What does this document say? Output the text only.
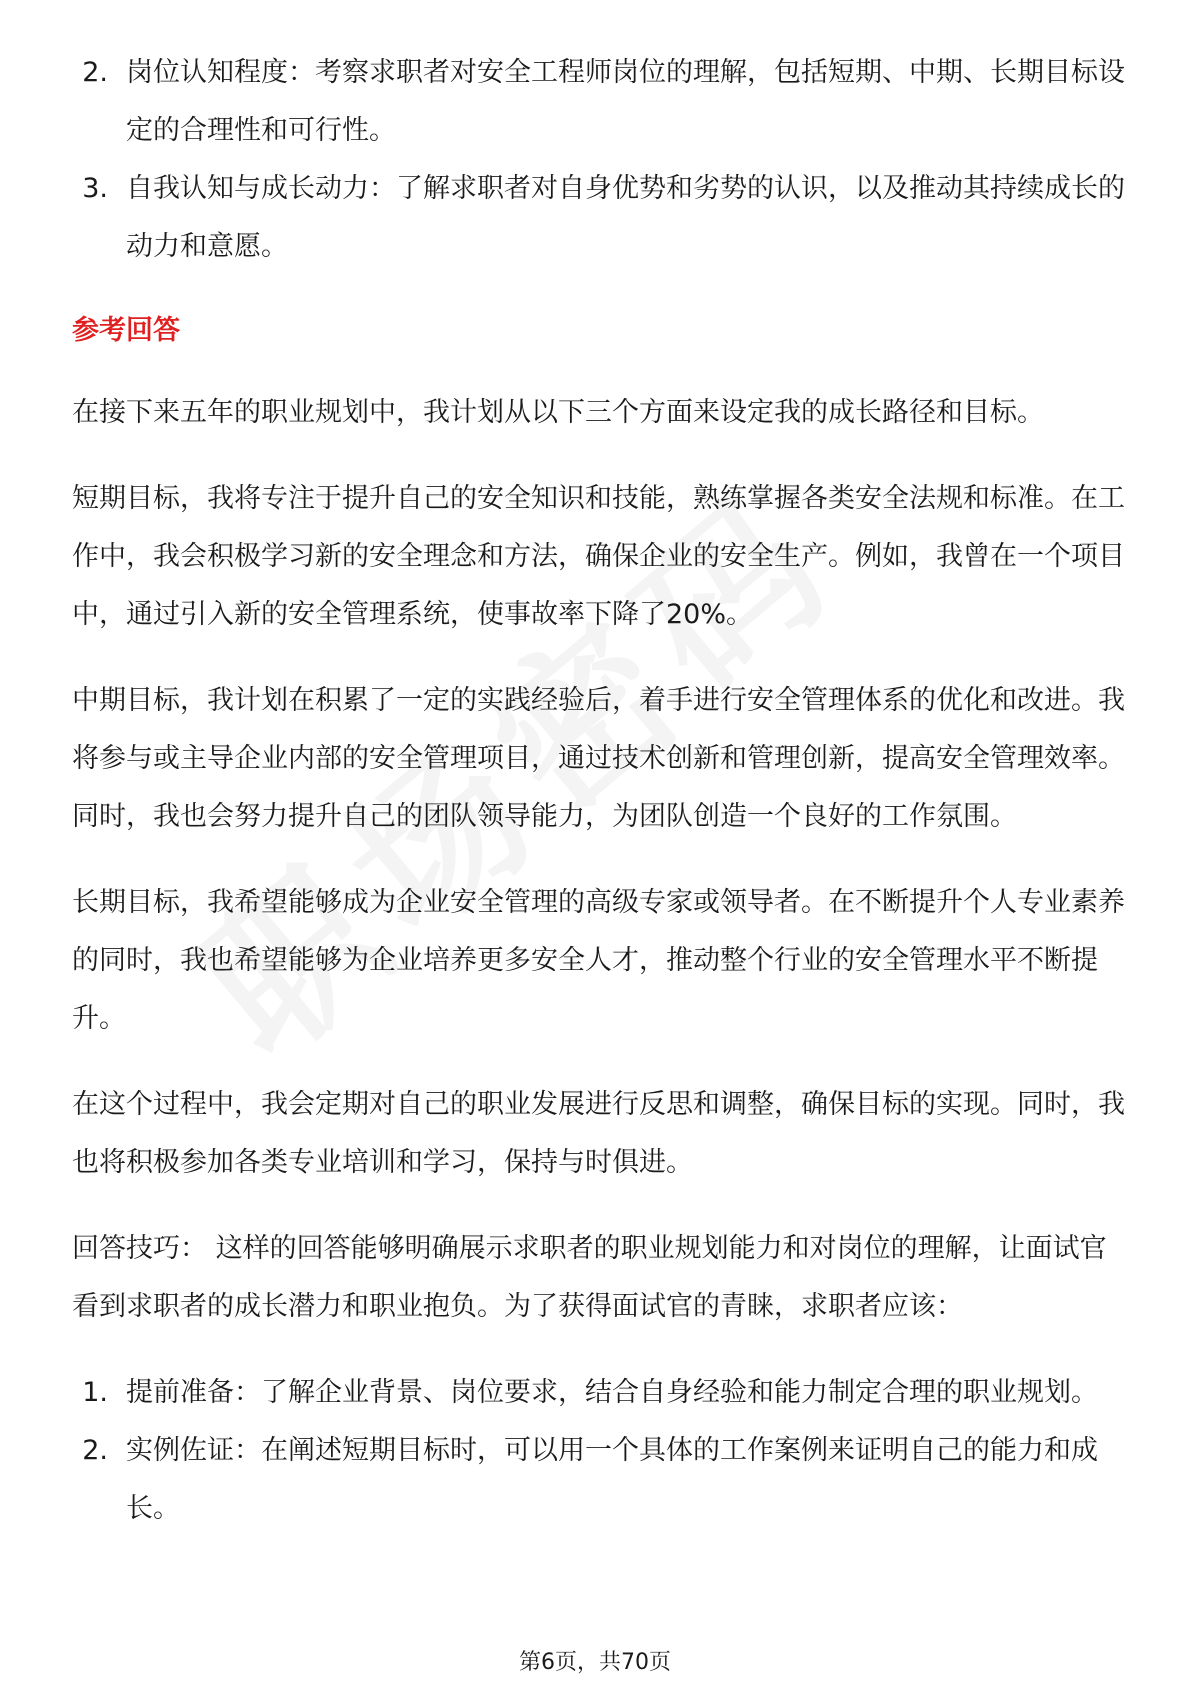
2. 岗位认知程度：考察求职者对安全工程师岗位的理解，包括短期、中期、长期目标设定的合理性和可行性。
3. 自我认知与成长动力：了解求职者对自身优势和劣势的认识，以及推动其持续成长的动力和意愿。
参考回答

在接下来五年的职业规划中，我计划从以下三个方面来设定我的成长路径和目标。

短期目标，我将专注于提升自己的安全知识和技能，熟练掌握各类安全法规和标准。在工作中，我会积极学习新的安全理念和方法，确保企业的安全生产。例如，我曾在一个项目中，通过引入新的安全管理系统，使事故率下降了20%。

中期目标，我计划在积累了一定的实践经验后，着手进行安全管理体系的优化和改进。我将参与或主导企业内部的安全管理项目，通过技术创新和管理创新，提高安全管理效率。同时，我也会努力提升自己的团队领导能力，为团队创造一个良好的工作氛围。

长期目标，我希望能够成为企业安全管理的高级专家或领导者。在不断提升个人专业素养的同时，我也希望能够为企业培养更多安全人才，推动整个行业的安全管理水平不断提升。

在这个过程中，我会定期对自己的职业发展进行反思和调整，确保目标的实现。同时，我也将积极参加各类专业培训和学习，保持与时俱进。

回答技巧： 这样的回答能够明确展示求职者的职业规划能力和对岗位的理解，让面试官看到求职者的成长潜力和职业抱负。为了获得面试官的青睐，求职者应该：

1. 提前准备：了解企业背景、岗位要求，结合自身经验和能力制定合理的职业规划。
2. 实例佐证：在阐述短期目标时，可以用一个具体的工作案例来证明自己的能力和成长。
第6页，共70页
